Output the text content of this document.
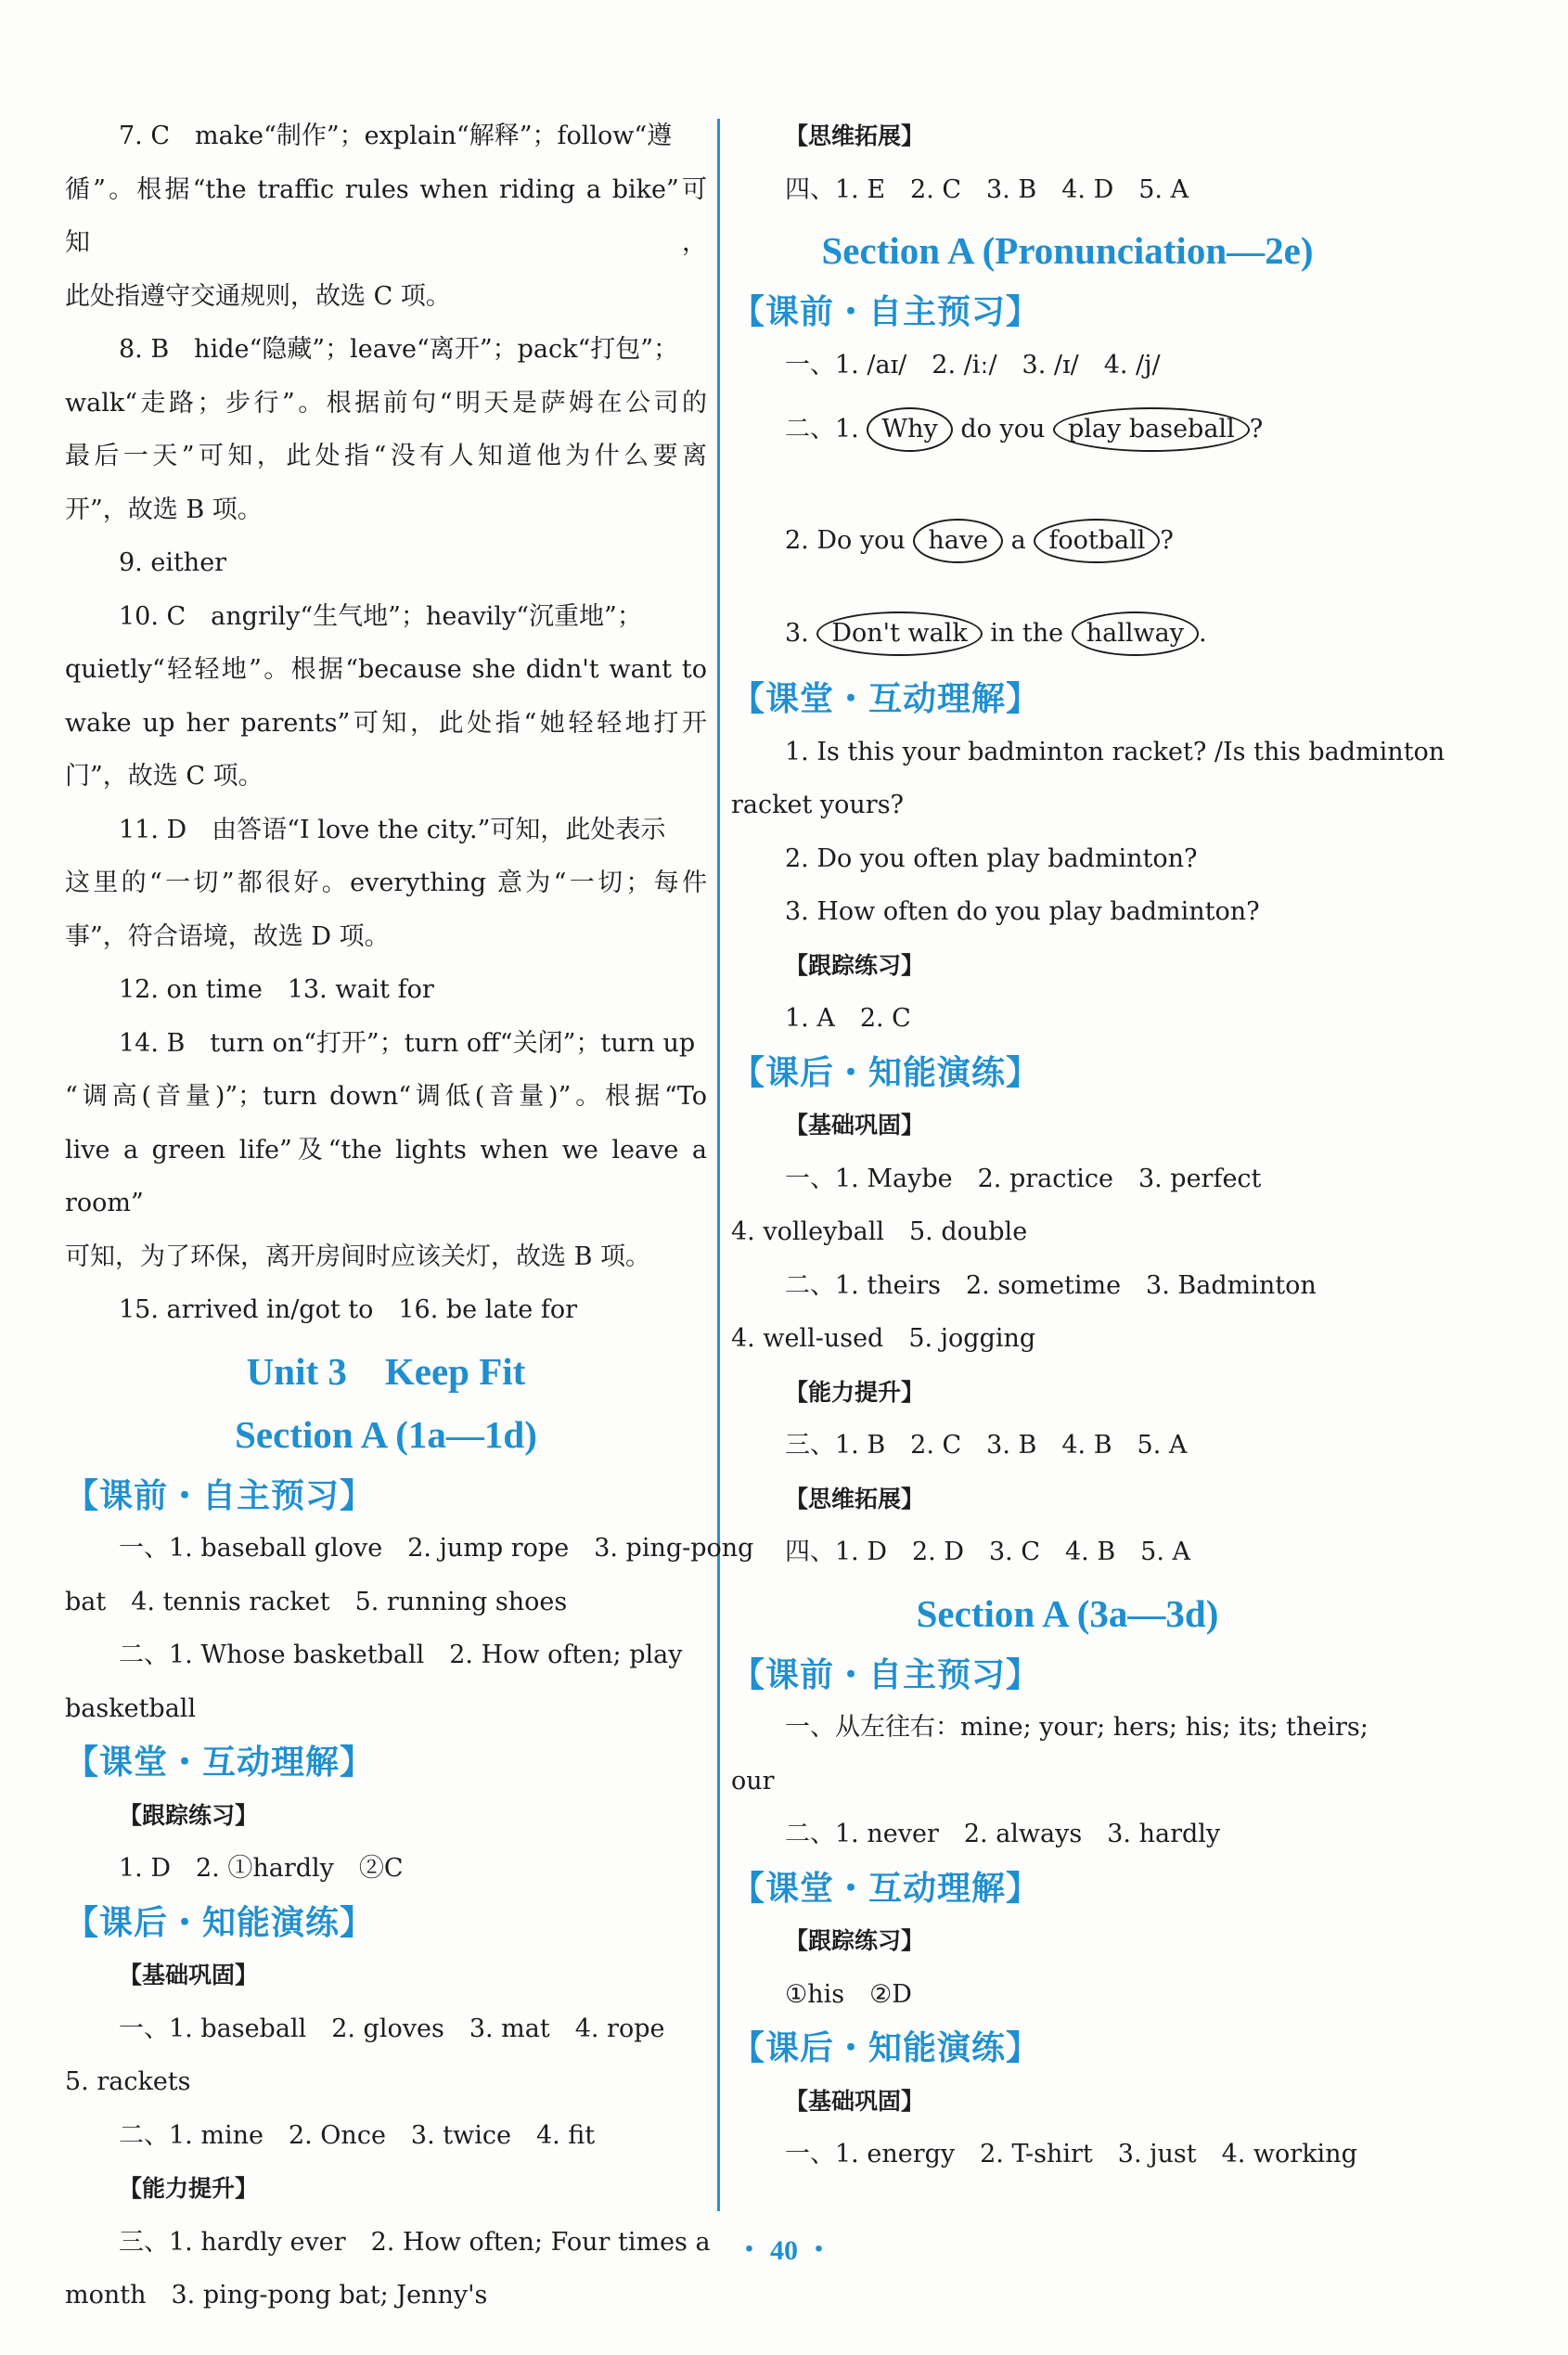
7. C　make“制作”；explain“解释”；follow“遵
循”。根据“the traffic rules when riding a bike”可知，
此处指遵守交通规则，故选 C 项。
8. B　hide“隐藏”；leave“离开”；pack“打包”；
walk“走路；步行”。根据前句“明天是萨姆在公司的
最后一天”可知，此处指“没有人知道他为什么要离
开”，故选 B 项。
9. either
10. C　angrily“生气地”；heavily“沉重地”；
quietly“轻轻地”。根据“because she didn't want to
wake up her parents”可知，此处指“她轻轻地打开
门”，故选 C 项。
11. D　由答语“I love the city.”可知，此处表示
这里的“一切”都很好。everything 意为“一切；每件
事”，符合语境，故选 D 项。
12. on time　13. wait for
14. B　turn on“打开”；turn off“关闭”；turn up
“调高(音量)”；turn down“调低(音量)”。根据“To
live a green life”及“the lights when we leave a room”
可知，为了环保，离开房间时应该关灯，故选 B 项。
15. arrived in/got to　16. be late for
Unit 3　Keep Fit
Section A (1a—1d)
【课前・自主预习】
一、1. baseball glove　2. jump rope　3. ping-pong
bat　4. tennis racket　5. running shoes
二、1. Whose basketball　2. How often; play
basketball
【课堂・互动理解】
【跟踪练习】
1. D　2. ①hardly　②C
【课后・知能演练】
【基础巩固】
一、1. baseball　2. gloves　3. mat　4. rope
5. rackets
二、1. mine　2. Once　3. twice　4. fit
【能力提升】
三、1. hardly ever　2. How often; Four times a
month　3. ping-pong bat; Jenny's
【思维拓展】
四、1. E　2. C　3. B　4. D　5. A
Section A (Pronunciation—2e)
【课前・自主预习】
一、1. /aɪ/　2. /iː/　3. /ɪ/　4. /j/
二、1. Why do you play baseball ?
2. Do you have a football ?
3. Don't walk in the hallway .
【课堂・互动理解】
1. Is this your badminton racket? /Is this badminton
racket yours?
2. Do you often play badminton?
3. How often do you play badminton?
【跟踪练习】
1. A　2. C
【课后・知能演练】
【基础巩固】
一、1. Maybe　2. practice　3. perfect
4. volleyball　5. double
二、1. theirs　2. sometime　3. Badminton
4. well-used　5. jogging
【能力提升】
三、1. B　2. C　3. B　4. B　5. A
【思维拓展】
四、1. D　2. D　3. C　4. B　5. A
Section A (3a—3d)
【课前・自主预习】
一、从左往右：mine; your; hers; his; its; theirs;
our
二、1. never　2. always　3. hardly
【课堂・互动理解】
【跟踪练习】
①his　②D
【课后・知能演练】
【基础巩固】
一、1. energy　2. T-shirt　3. just　4. working
・ 40 ・
